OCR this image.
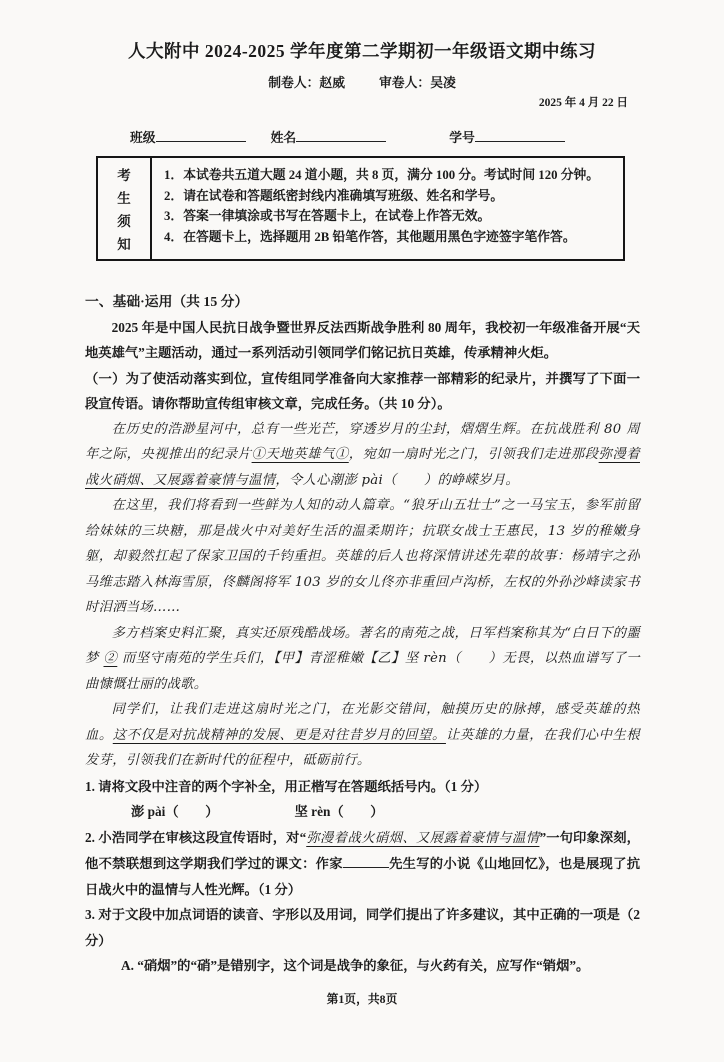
人大附中 2024-2025 学年度第二学期初一年级语文期中练习
制卷人：赵威	审卷人：吴凌
2025 年 4 月 22 日
班级	姓名	学号
考
生
须
知
1．本试卷共五道大题 24 道小题，共 8 页，满分 100 分。考试时间 120 分钟。
2．请在试卷和答题纸密封线内准确填写班级、姓名和学号。
3．答案一律填涂或书写在答题卡上，在试卷上作答无效。
4．在答题卡上，选择题用 2B 铅笔作答，其他题用黑色字迹签字笔作答。
一、基础·运用（共 15 分）
2025 年是中国人民抗日战争暨世界反法西斯战争胜利 80 周年，我校初一年级准备开展“天地英雄气”主题活动，通过一系列活动引领同学们铭记抗日英雄，传承精神火炬。
（一）为了使活动落实到位，宣传组同学准备向大家推荐一部精彩的纪录片，并撰写了下面一段宣传语。请你帮助宣传组审核文章，完成任务。（共 10 分）。
在历史的浩渺星河中，总有一些光芒，穿透岁月的尘封，熠熠生辉。在抗战胜利 80 周年之际，央视推出的纪录片①天地英雄气①，宛如一扇时光之门，引领我们走进那段弥漫着战火硝烟、又展露着豪情与温情，令人心潮澎 pài（　　）的峥嵘岁月。
在这里，我们将看到一些鲜为人知的动人篇章。“狼牙山五壮士”之一马宝玉，参军前留给妹妹的三块糖，那是战火中对美好生活的温柔期许；抗联女战士王惠民，13 岁的稚嫩身躯，却毅然扛起了保家卫国的千钧重担。英雄的后人也将深情讲述先辈的故事：杨靖宇之孙马维志踏入林海雪原，佟麟阁将军 103 岁的女儿佟亦非重回卢沟桥，左权的外孙沙峰读家书时泪洒当场……
多方档案史料汇聚，真实还原残酷战场。著名的南苑之战，日军档案称其为“白日下的噩梦 ② 而坚守南苑的学生兵们，【甲】青涩稚嫩【乙】坚 rèn（　　）无畏，以热血谱写了一曲慷慨壮丽的战歌。
同学们，让我们走进这扇时光之门，在光影交错间，触摸历史的脉搏，感受英雄的热血。这不仅是对抗战精神的发展、更是对往昔岁月的回望。让英雄的力量，在我们心中生根发芽，引领我们在新时代的征程中，砥砺前行。
1. 请将文段中注音的两个字补全，用正楷写在答题纸括号内。（1 分）
澎 pài（　　）	坚 rèn（　　）
2. 小浩同学在审核这段宣传语时，对“弥漫着战火硝烟、又展露着豪情与温情”一句印象深刻，他不禁联想到这学期我们学过的课文：作家	先生写的小说《山地回忆》，也是展现了抗日战火中的温情与人性光辉。（1 分）
3. 对于文段中加点词语的读音、字形以及用词，同学们提出了许多建议，其中正确的一项是（2分）
A. “硝烟”的“硝”是错别字，这个词是战争的象征，与火药有关，应写作“销烟”。
第1页，共8页
